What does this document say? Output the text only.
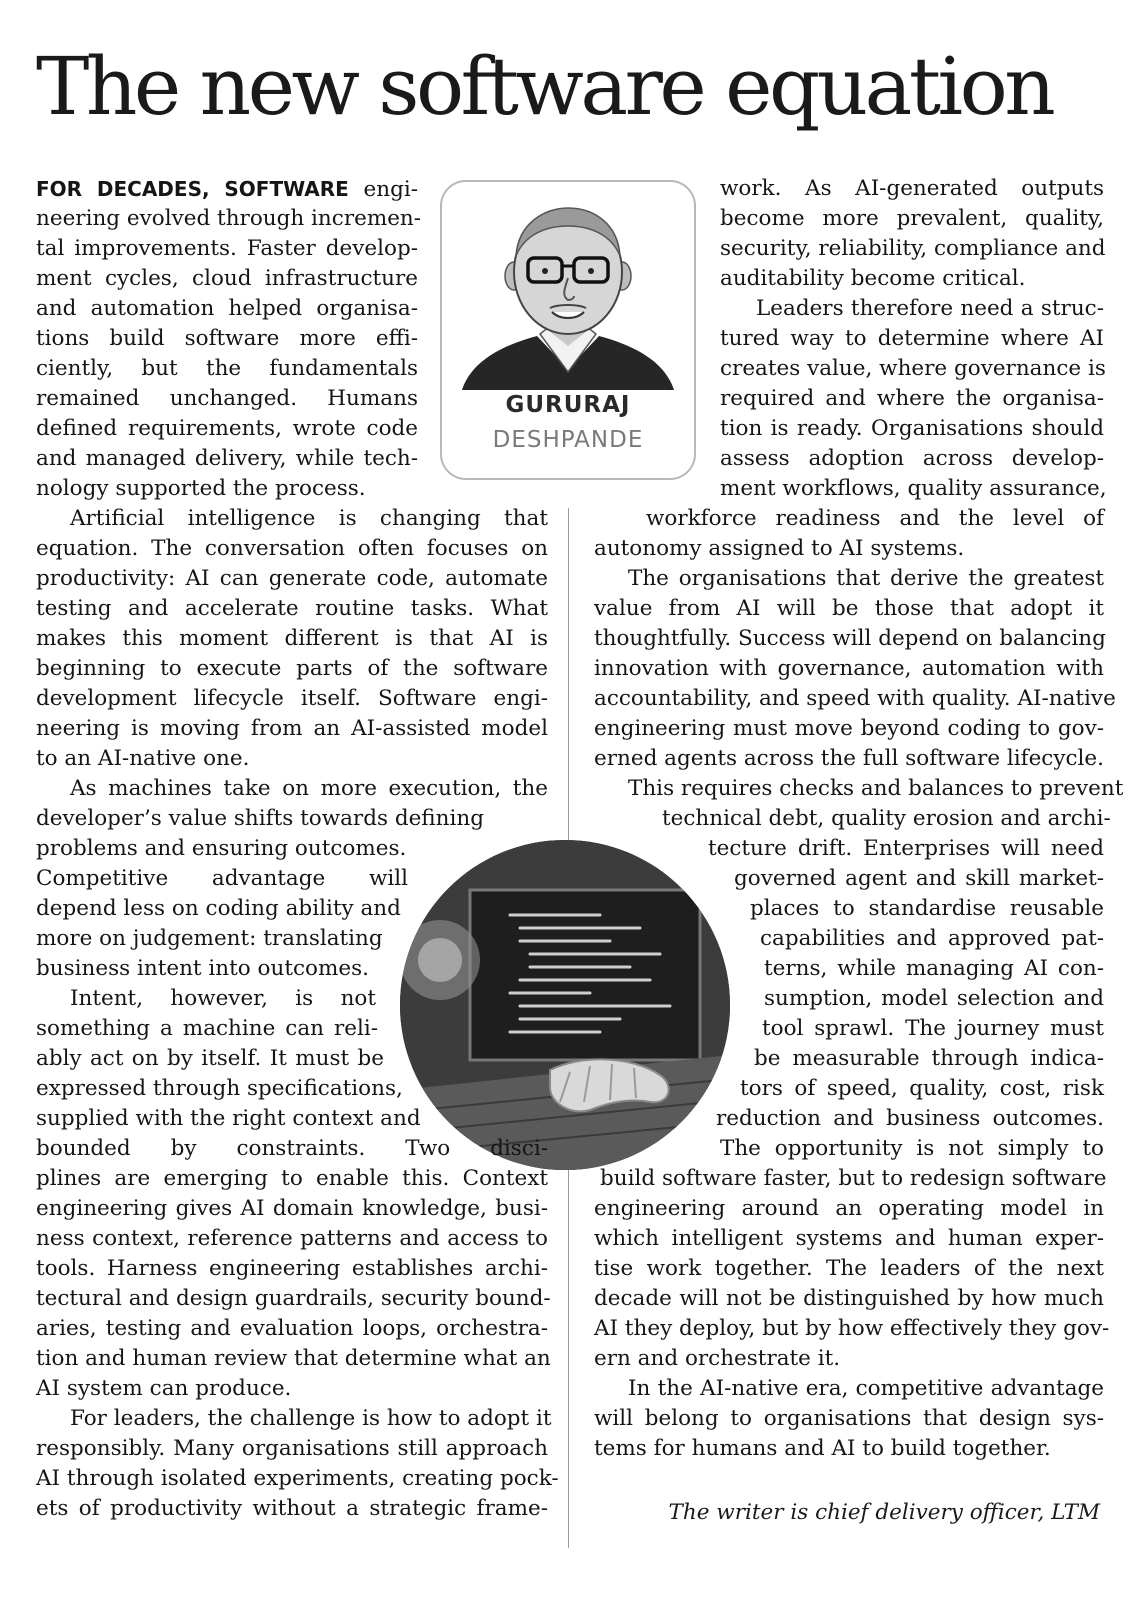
The new software equation
GURURAJ
DESHPANDE
FOR DECADES, SOFTWARE engi-
neering evolved through incremen-
tal improvements. Faster develop-
ment cycles, cloud infrastructure
and automation helped organisa-
tions build software more effi-
ciently, but the fundamentals
remained unchanged. Humans
defined requirements, wrote code
and managed delivery, while tech-
nology supported the process.
Artificial intelligence is changing that
equation. The conversation often focuses on
productivity: AI can generate code, automate
testing and accelerate routine tasks. What
makes this moment different is that AI is
beginning to execute parts of the software
development lifecycle itself. Software engi-
neering is moving from an AI-assisted model
to an AI-native one.
As machines take on more execution, the
developer’s value shifts towards defining
problems and ensuring outcomes.
Competitive advantage will
depend less on coding ability and
more on judgement: translating
business intent into outcomes.
Intent, however, is not
something a machine can reli-
ably act on by itself. It must be
expressed through specifications,
supplied with the right context and
bounded by constraints. Two disci-
plines are emerging to enable this. Context
engineering gives AI domain knowledge, busi-
ness context, reference patterns and access to
tools. Harness engineering establishes archi-
tectural and design guardrails, security bound-
aries, testing and evaluation loops, orchestra-
tion and human review that determine what an
AI system can produce.
For leaders, the challenge is how to adopt it
responsibly. Many organisations still approach
AI through isolated experiments, creating pock-
ets of productivity without a strategic frame-
work. As AI-generated outputs
become more prevalent, quality,
security, reliability, compliance and
auditability become critical.
Leaders therefore need a struc-
tured way to determine where AI
creates value, where governance is
required and where the organisa-
tion is ready. Organisations should
assess adoption across develop-
ment workflows, quality assurance,
workforce readiness and the level of
autonomy assigned to AI systems.
The organisations that derive the greatest
value from AI will be those that adopt it
thoughtfully. Success will depend on balancing
innovation with governance, automation with
accountability, and speed with quality. AI-native
engineering must move beyond coding to gov-
erned agents across the full software lifecycle.
This requires checks and balances to prevent
technical debt, quality erosion and archi-
tecture drift. Enterprises will need
governed agent and skill market-
places to standardise reusable
capabilities and approved pat-
terns, while managing AI con-
sumption, model selection and
tool sprawl. The journey must
be measurable through indica-
tors of speed, quality, cost, risk
reduction and business outcomes.
The opportunity is not simply to
build software faster, but to redesign software
engineering around an operating model in
which intelligent systems and human exper-
tise work together. The leaders of the next
decade will not be distinguished by how much
AI they deploy, but by how effectively they gov-
ern and orchestrate it.
In the AI-native era, competitive advantage
will belong to organisations that design sys-
tems for humans and AI to build together.
The writer is chief delivery officer, LTM
